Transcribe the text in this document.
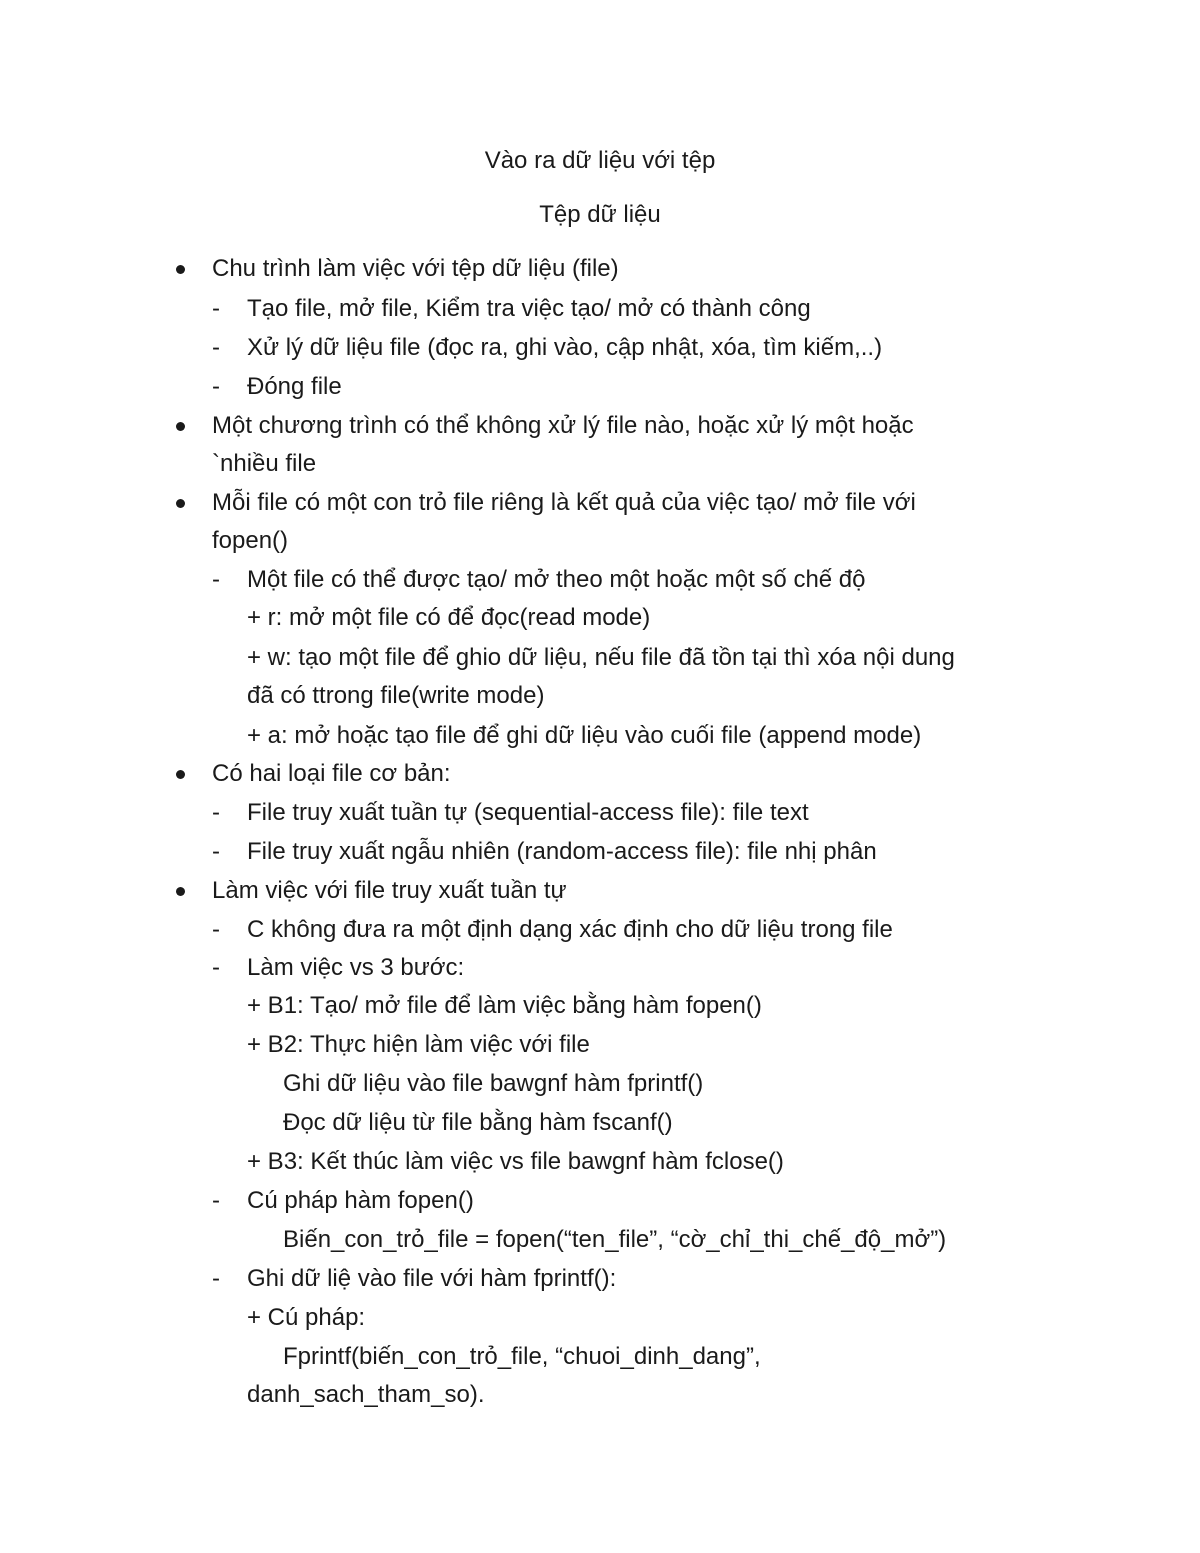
Vào ra dữ liệu với tệp
Tệp dữ liệu
Chu trình làm việc với tệp dữ liệu (file)
- Tạo file, mở file, Kiểm tra việc tạo/ mở có thành công
- Xử lý dữ liệu file (đọc ra, ghi vào, cập nhật, xóa, tìm kiếm,..)
- Đóng file
Một chương trình có thể không xử lý file nào, hoặc xử lý một hoặc
`nhiều file
Mỗi file có một con trỏ file riêng là kết quả của việc tạo/ mở file với
fopen()
- Một file có thể được tạo/ mở theo một hoặc một số chế độ
+ r: mở một file có để đọc(read mode)
+ w: tạo một file để ghio dữ liệu, nếu file đã tồn tại thì xóa nội dung
đã có ttrong file(write mode)
+ a: mở hoặc tạo file để ghi dữ liệu vào cuối file (append mode)
Có hai loại file cơ bản:
- File truy xuất tuần tự (sequential-access file): file text
- File truy xuất ngẫu nhiên (random-access file): file nhị phân
Làm việc với file truy xuất tuần tự
- C không đưa ra một định dạng xác định cho dữ liệu trong file
- Làm việc vs 3 bước:
+ B1: Tạo/ mở file để làm việc bằng hàm fopen()
+ B2: Thực hiện làm việc với file
Ghi dữ liệu vào file bawgnf hàm fprintf()
Đọc dữ liệu từ file bằng hàm fscanf()
+ B3: Kết thúc làm việc vs file bawgnf hàm fclose()
- Cú pháp hàm fopen()
Biến_con_trỏ_file = fopen(“ten_file”, “cờ_chỉ_thi_chế_độ_mở”)
- Ghi dữ liệ vào file với hàm fprintf():
+ Cú pháp:
Fprintf(biến_con_trỏ_file, “chuoi_dinh_dang”,
danh_sach_tham_so).
